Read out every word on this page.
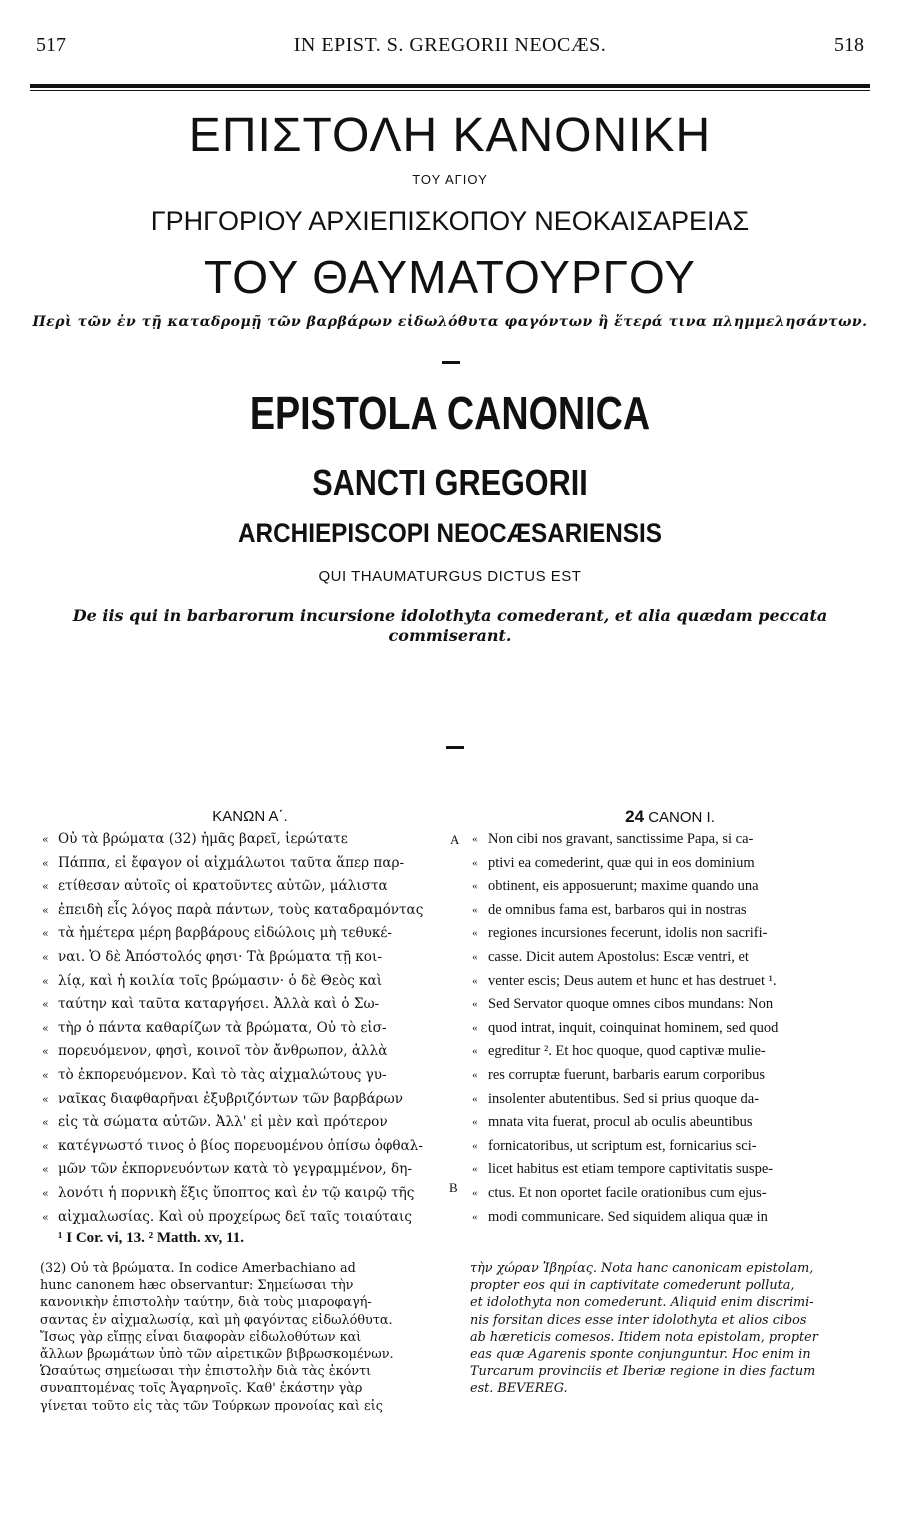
517	IN EPIST. S. GREGORII NEOCÆS.	518
ΕΠΙΣΤΟΛΗ ΚΑΝΟΝΙΚΗ
ΤΟΥ ΑΓΙΟΥ
ΓΡΗΓΟΡΙΟΥ ΑΡΧΙΕΠΙΣΚΟΠΟΥ ΝΕΟΚΑΙΣΑΡΕΙΑΣ
ΤΟΥ ΘΑΥΜΑΤΟΥΡΓΟΥ
Περὶ τῶν ἐν τῇ καταδρομῇ τῶν βαρβάρων εἰδωλόθυτα φαγόντων ἢ ἕτερά τινα πλημμελησάντων.
EPISTOLA CANONICA
SANCTI GREGORII
ARCHIEPISCOPI NEOCÆSARIENSIS
QUI THAUMATURGUS DICTUS EST
De iis qui in barbarorum incursione idolothyta comederant, et alia quædam peccata commiserant.
ΚΑΝΩΝ Α΄.
« Οὐ τὰ βρώματα (32) ἡμᾶς βαρεῖ, ἱερώτατε
« Πάππα, εἰ ἔφαγον οἱ αἰχμάλωτοι ταῦτα ἅπερ παρ-
« ετίθεσαν αὐτοῖς οἱ κρατοῦντες αὐτῶν, μάλιστα
« ἐπειδὴ εἷς λόγος παρὰ πάντων, τοὺς καταδραμόντας
« τὰ ἡμέτερα μέρη βαρβάρους εἰδώλοις μὴ τεθυκέ-
« ναι. Ὁ δὲ Ἀπόστολός φησι· Τὰ βρώματα τῇ κοι-
« λίᾳ, καὶ ἡ κοιλία τοῖς βρώμασιν· ὁ δὲ Θεὸς καὶ
« ταύτην καὶ ταῦτα καταργήσει. Ἀλλὰ καὶ ὁ Σω-
« τὴρ ὁ πάντα καθαρίζων τὰ βρώματα, Οὐ τὸ εἰσ-
« πορευόμενον, φησὶ, κοινοῖ τὸν ἄνθρωπον, ἀλλὰ
« τὸ ἐκπορευόμενον. Καὶ τὸ τὰς αἰχμαλώτους γυ-
« ναῖκας διαφθαρῆναι ἐξυβριζόντων τῶν βαρβάρων
« εἰς τὰ σώματα αὐτῶν. Ἀλλ' εἰ μὲν καὶ πρότερον
« κατέγνωστό τινος ὁ βίος πορευομένου ὀπίσω ὀφθαλ-
« μῶν τῶν ἐκπορνευόντων κατὰ τὸ γεγραμμένον, δη-
« λονότι ἡ πορνικὴ ἕξις ὕποπτος καὶ ἐν τῷ καιρῷ τῆς
« αἰχμαλωσίας. Καὶ οὐ προχείρως δεῖ ταῖς τοιαύταις
A
B
24 CANON I.
« Non cibi nos gravant, sanctissime Papa, si ca-
« ptivi ea comederint, quæ qui in eos dominium
« obtinent, eis apposuerunt; maxime quando una
« de omnibus fama est, barbaros qui in nostras
« regiones incursiones fecerunt, idolis non sacrifi-
« casse. Dicit autem Apostolus: Escæ ventri, et
« venter escis; Deus autem et hunc et has destruet ¹.
« Sed Servator quoque omnes cibos mundans: Non
« quod intrat, inquit, coinquinat hominem, sed quod
« egreditur ². Et hoc quoque, quod captivæ mulie-
« res corruptæ fuerunt, barbaris earum corporibus
« insolenter abutentibus. Sed si prius quoque da-
« mnata vita fuerat, procul ab oculis abeuntibus
« fornicatoribus, ut scriptum est, fornicarius sci-
« licet habitus est etiam tempore captivitatis suspe-
« ctus. Et non oportet facile orationibus cum ejus-
« modi communicare. Sed siquidem aliqua quæ in
¹ I Cor. vi, 13. ² Matth. xv, 11.

(32) Οὐ τὰ βρώματα. In codice Amerbachiano ad

hunc canonem hæc observantur: Σημείωσαι τὴν

κανονικὴν ἐπιστολὴν ταύτην, διὰ τοὺς μιαροφαγή-

σαντας ἐν αἰχμαλωσίᾳ, καὶ μὴ φαγόντας εἰδωλόθυτα.

Ἴσως γὰρ εἴπῃς εἶναι διαφορὰν εἰδωλοθύτων καὶ

ἄλλων βρωμάτων ὑπὸ τῶν αἱρετικῶν βιβρωσκομένων.

Ὡσαύτως σημείωσαι τὴν ἐπιστολὴν διὰ τὰς ἐκόντι

συναπτομένας τοῖς Ἀγαρηνοῖς. Καθ' ἑκάστην γὰρ

γίνεται τοῦτο εἰς τὰς τῶν Τούρκων προνοίας καὶ εἰς

τὴν χώραν Ἰβηρίας. Nota hanc canonicam epistolam,

propter eos qui in captivitate comederunt polluta,

et idolothyta non comederunt. Aliquid enim discrimi-

nis forsitan dices esse inter idolothyta et alios cibos

ab hæreticis comesos. Itidem nota epistolam, propter

eas quæ Agarenis sponte conjunguntur. Hoc enim in

Turcarum provinciis et Iberiæ regione in dies factum

est. BEVEREG.
